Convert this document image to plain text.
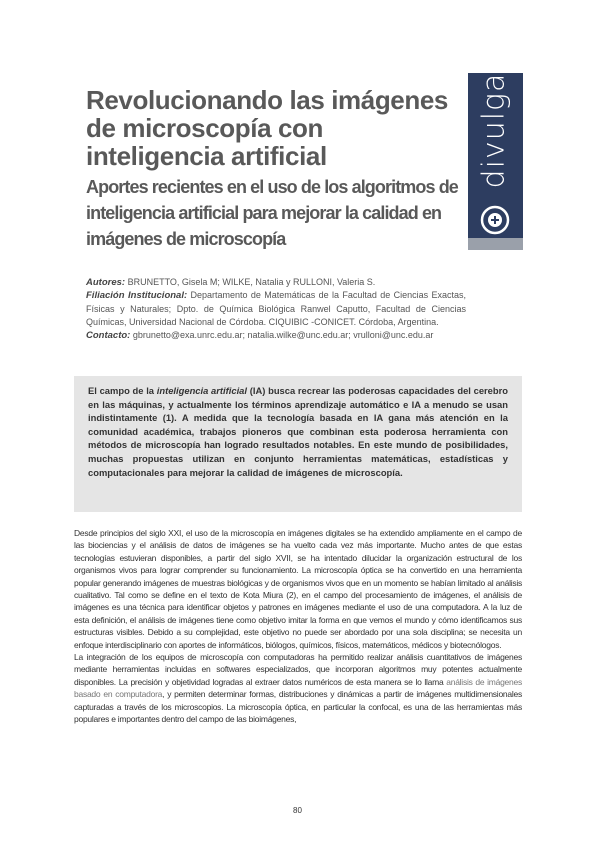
divulga
Revolucionando las imágenes de microscopía con inteligencia artificial
Aportes recientes en el uso de los algoritmos de inteligencia artificial para mejorar la calidad en imágenes de microscopía

Autores: BRUNETTO, Gisela M; WILKE, Natalia y RULLONI, Valeria S.

Filiación Institucional: Departamento de Matemáticas de la Facultad de Ciencias Exactas, Físicas y Naturales; Dpto. de Química Biológica Ranwel Caputto, Facultad de Ciencias Químicas, Universidad Nacional de Córdoba. CIQUIBIC -CONICET. Córdoba, Argentina.

Contacto: gbrunetto@exa.unrc.edu.ar; natalia.wilke@unc.edu.ar; vrulloni@unc.edu.ar

El campo de la inteligencia artificial (IA) busca recrear las poderosas capacidades del cerebro en las máquinas, y actualmente los términos aprendizaje automático e IA a menudo se usan indistintamente (1). A medida que la tecnología basada en IA gana más atención en la comunidad académica, trabajos pioneros que combinan esta poderosa herramienta con métodos de microscopía han logrado resultados notables. En este mundo de posibilidades, muchas propuestas utilizan en conjunto herramientas matemáticas, estadísticas y computacionales para mejorar la calidad de imágenes de microscopía.

Desde principios del siglo XXI, el uso de la microscopía en imágenes digitales se ha extendido ampliamente en el campo de las biociencias y el análisis de datos de imágenes se ha vuelto cada vez más importante. Mucho antes de que estas tecnologías estuvieran disponibles, a partir del siglo XVII, se ha intentado dilucidar la organización estructural de los organismos vivos para lograr comprender su funcionamiento. La microscopía óptica se ha convertido en una herramienta popular generando imágenes de muestras biológicas y de organismos vivos que en un momento se habían limitado al análisis cualitativo. Tal como se define en el texto de Kota Miura (2), en el campo del procesamiento de imágenes, el análisis de imágenes es una técnica para identificar objetos y patrones en imágenes mediante el uso de una computadora. A la luz de esta definición, el análisis de imágenes tiene como objetivo imitar la forma en que vemos el mundo y cómo identificamos sus estructuras visibles. Debido a su complejidad, este objetivo no puede ser abordado por una sola disciplina; se necesita un enfoque interdisciplinario con aportes de informáticos, biólogos, químicos, físicos, matemáticos, médicos y biotecnólogos.

La integración de los equipos de microscopía con computadoras ha permitido realizar análisis cuantitativos de imágenes mediante herramientas incluidas en softwares especializados, que incorporan algoritmos muy potentes actualmente disponibles. La precisión y objetividad logradas al extraer datos numéricos de esta manera se lo llama análisis de imágenes basado en computadora, y permiten determinar formas, distribuciones y dinámicas a partir de imágenes multidimensionales capturadas a través de los microscopios. La microscopía óptica, en particular la confocal, es una de las herramientas más populares e importantes dentro del campo de las bioimágenes,

80
